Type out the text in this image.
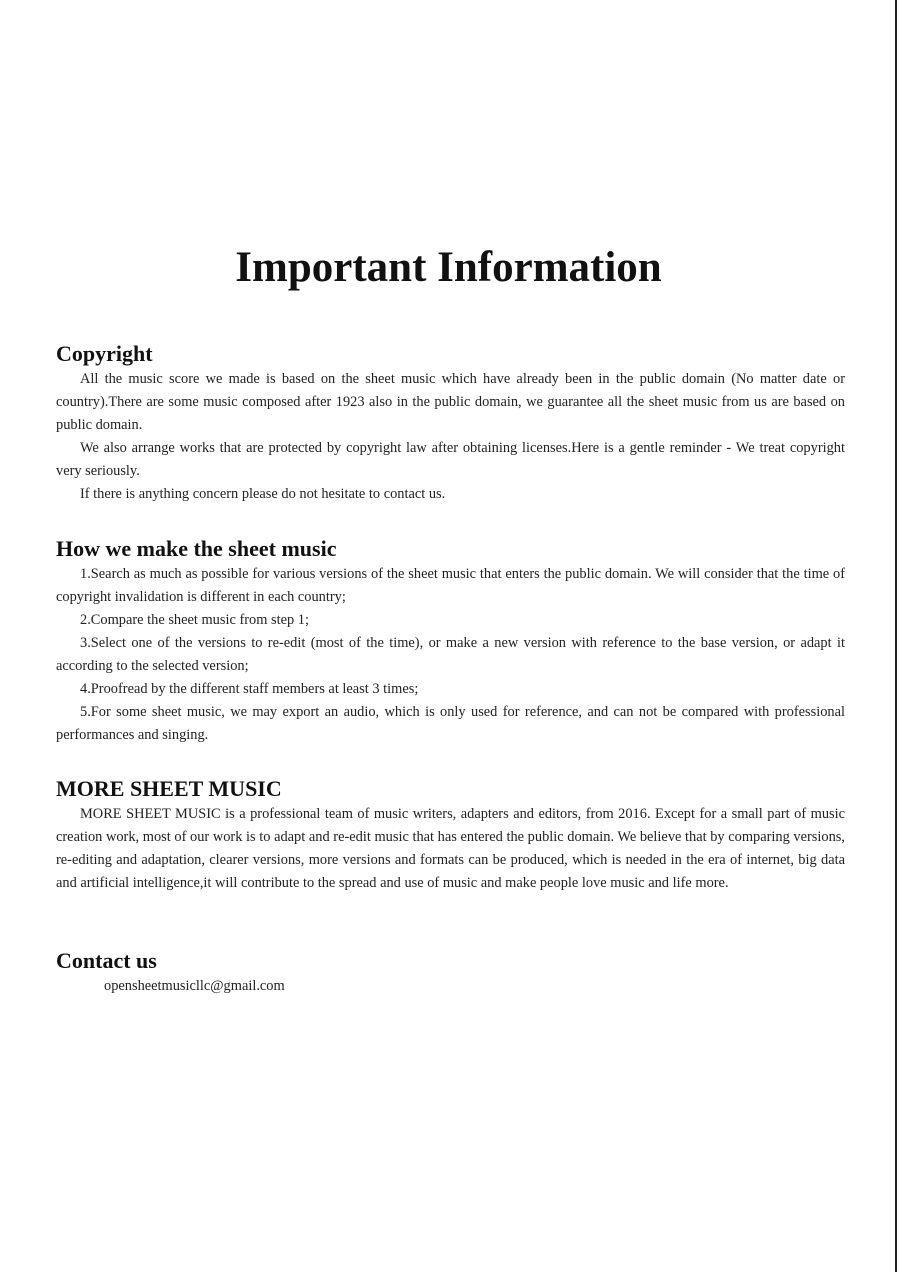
Important Information
Copyright

All the music score we made is based on the sheet music which have already been in the public domain (No matter date or country).There are some music composed after 1923 also in the public domain, we guarantee all the sheet music from us are based on public domain.

We also arrange works that are protected by copyright law after obtaining licenses.Here is a gentle reminder - We treat copyright very seriously.

If there is anything concern please do not hesitate to contact us.

How we make the sheet music

1.Search as much as possible for various versions of the sheet music that enters the public domain. We will consider that the time of copyright invalidation is different in each country;

2.Compare the sheet music from step 1;

3.Select one of the versions to re-edit (most of the time), or make a new version with reference to the base version, or adapt it according to the selected version;

4.Proofread by the different staff members at least 3 times;

5.For some sheet music, we may export an audio, which is only used for reference, and can not be compared with professional performances and singing.

MORE SHEET MUSIC

MORE SHEET MUSIC is a professional team of music writers, adapters and editors, from 2016. Except for a small part of music creation work, most of our work is to adapt and re-edit music that has entered the public domain. We believe that by comparing versions, re-editing and adaptation, clearer versions, more versions and formats can be produced, which is needed in the era of internet, big data and artificial intelligence,it will contribute to the spread and use of music and make people love music and life more.

Contact us

opensheetmusicllc@gmail.com
